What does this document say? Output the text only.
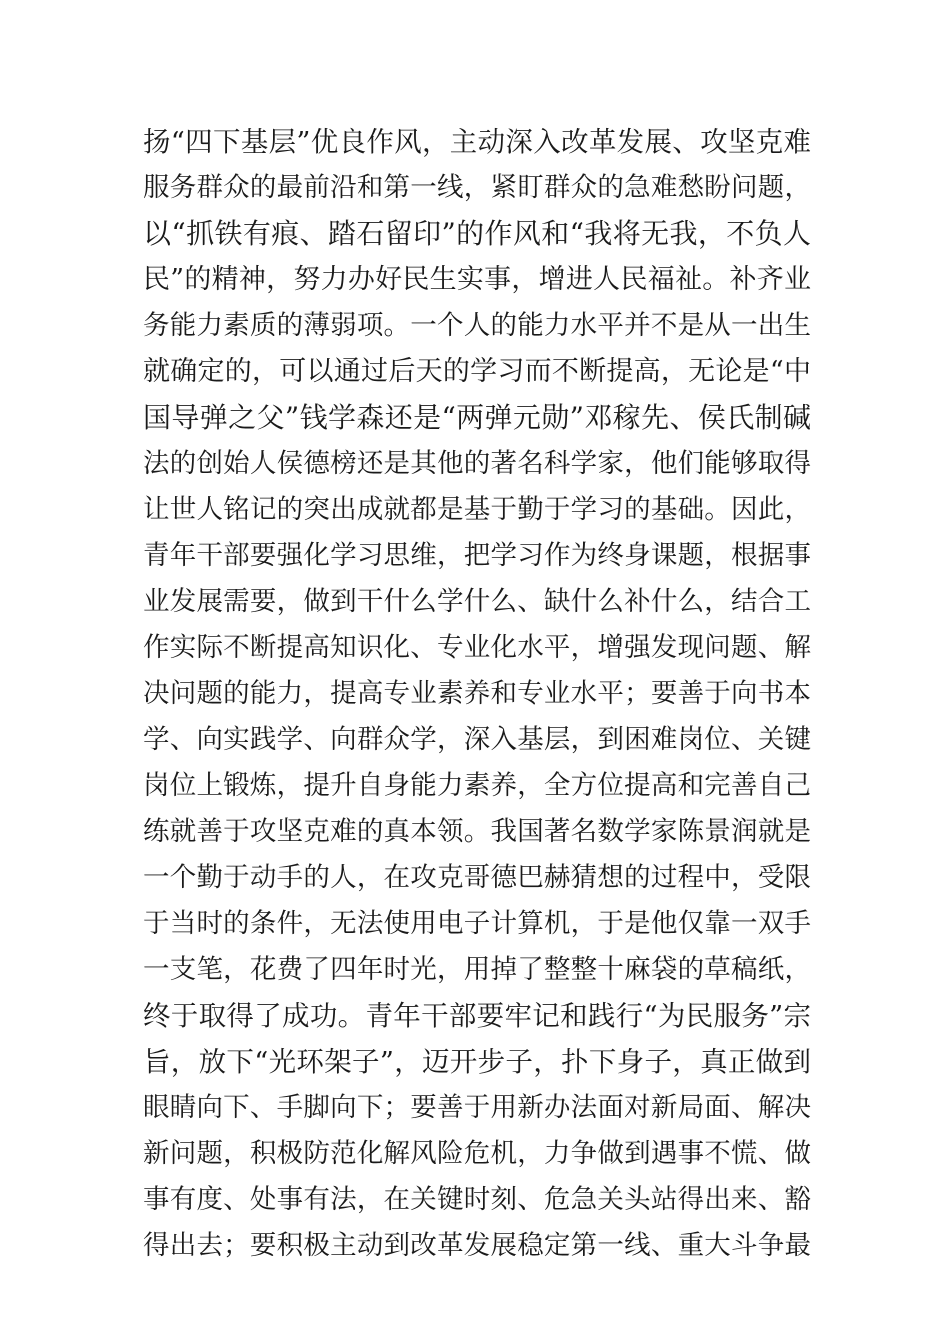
扬“四下基层”优良作风，主动深入改革发展、攻坚克难
服务群众的最前沿和第一线，紧盯群众的急难愁盼问题，
以“抓铁有痕、踏石留印”的作风和“我将无我，不负人
民”的精神，努力办好民生实事，增进人民福祉。补齐业
务能力素质的薄弱项。一个人的能力水平并不是从一出生
就确定的，可以通过后天的学习而不断提高，无论是“中
国导弹之父”钱学森还是“两弹元勋”邓稼先、侯氏制碱
法的创始人侯德榜还是其他的著名科学家，他们能够取得
让世人铭记的突出成就都是基于勤于学习的基础。因此，
青年干部要强化学习思维，把学习作为终身课题，根据事
业发展需要，做到干什么学什么、缺什么补什么，结合工
作实际不断提高知识化、专业化水平，增强发现问题、解
决问题的能力，提高专业素养和专业水平；要善于向书本
学、向实践学、向群众学，深入基层，到困难岗位、关键
岗位上锻炼，提升自身能力素养，全方位提高和完善自己
练就善于攻坚克难的真本领。我国著名数学家陈景润就是
一个勤于动手的人，在攻克哥德巴赫猜想的过程中，受限
于当时的条件，无法使用电子计算机，于是他仅靠一双手
一支笔，花费了四年时光，用掉了整整十麻袋的草稿纸，
终于取得了成功。青年干部要牢记和践行“为民服务”宗
旨，放下“光环架子”，迈开步子，扑下身子，真正做到
眼睛向下、手脚向下；要善于用新办法面对新局面、解决
新问题，积极防范化解风险危机，力争做到遇事不慌、做
事有度、处事有法，在关键时刻、危急关头站得出来、豁
得出去；要积极主动到改革发展稳定第一线、重大斗争最
